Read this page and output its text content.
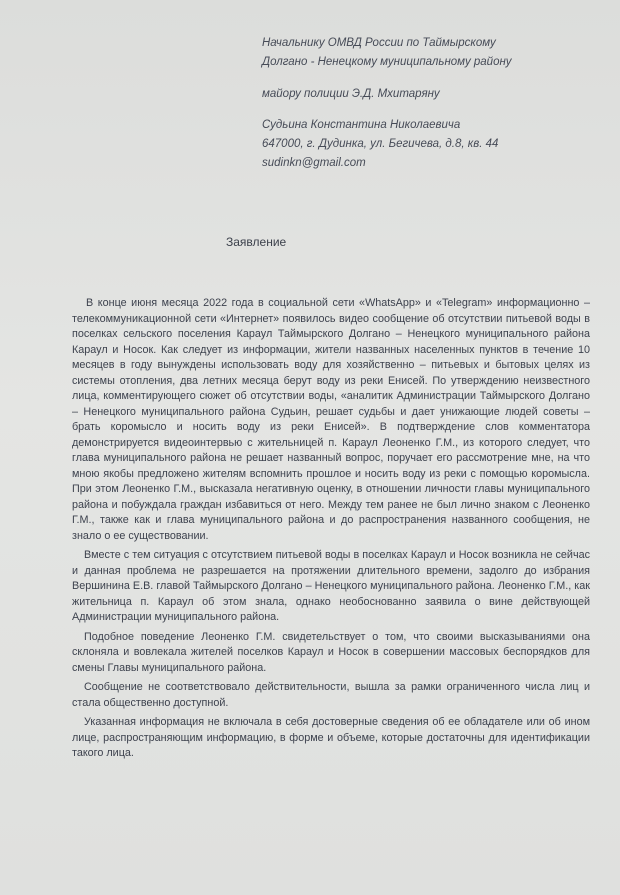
Начальнику ОМВД России по Таймырскому
Долгано - Ненецкому муниципальному району
майору полиции Э.Д. Мхитаряну
Судьина Константина Николаевича
647000, г. Дудинка, ул. Бегичева, д.8, кв. 44
sudinkn@gmail.com
Заявление

В конце июня месяца 2022 года в социальной сети «WhatsApp» и «Telegram» информационно – телекоммуникационной сети «Интернет» появилось видео сообщение об отсутствии питьевой воды в поселках сельского поселения Караул Таймырского Долгано – Ненецкого муниципального района Караул и Носок. Как следует из информации, жители названных населенных пунктов в течение 10 месяцев в году вынуждены использовать воду для хозяйственно – питьевых и бытовых целях из системы отопления, два летних месяца берут воду из реки Енисей. По утверждению неизвестного лица, комментирующего сюжет об отсутствии воды, «аналитик Администрации Таймырского Долгано – Ненецкого муниципального района Судьин, решает судьбы и дает унижающие людей советы – брать коромысло и носить воду из реки Енисей». В подтверждение слов комментатора демонстрируется видеоинтервью с жительницей п. Караул Леоненко Г.М., из которого следует, что глава муниципального района не решает названный вопрос, поручает его рассмотрение мне, на что мною якобы предложено жителям вспомнить прошлое и носить воду из реки с помощью коромысла. При этом Леоненко Г.М., высказала негативную оценку, в отношении личности главы муниципального района и побуждала граждан избавиться от него. Между тем ранее не был лично знаком с Леоненко Г.М., также как и глава муниципального района и до распространения названного сообщения, не знало о ее существовании.

Вместе с тем ситуация с отсутствием питьевой воды в поселках Караул и Носок возникла не сейчас и данная проблема не разрешается на протяжении длительного времени, задолго до избрания Вершинина Е.В. главой Таймырского Долгано – Ненецкого муниципального района. Леоненко Г.М., как жительница п. Караул об этом знала, однако необоснованно заявила о вине действующей Администрации муниципального района.

Подобное поведение Леоненко Г.М. свидетельствует о том, что своими высказываниями она склоняла и вовлекала жителей поселков Караул и Носок в совершении массовых беспорядков для смены Главы муниципального района.

Сообщение не соответствовало действительности, вышла за рамки ограниченного числа лиц и стала общественно доступной.

Указанная информация не включала в себя достоверные сведения об ее обладателе или об ином лице, распространяющим информацию, в форме и объеме, которые достаточны для идентификации такого лица.
